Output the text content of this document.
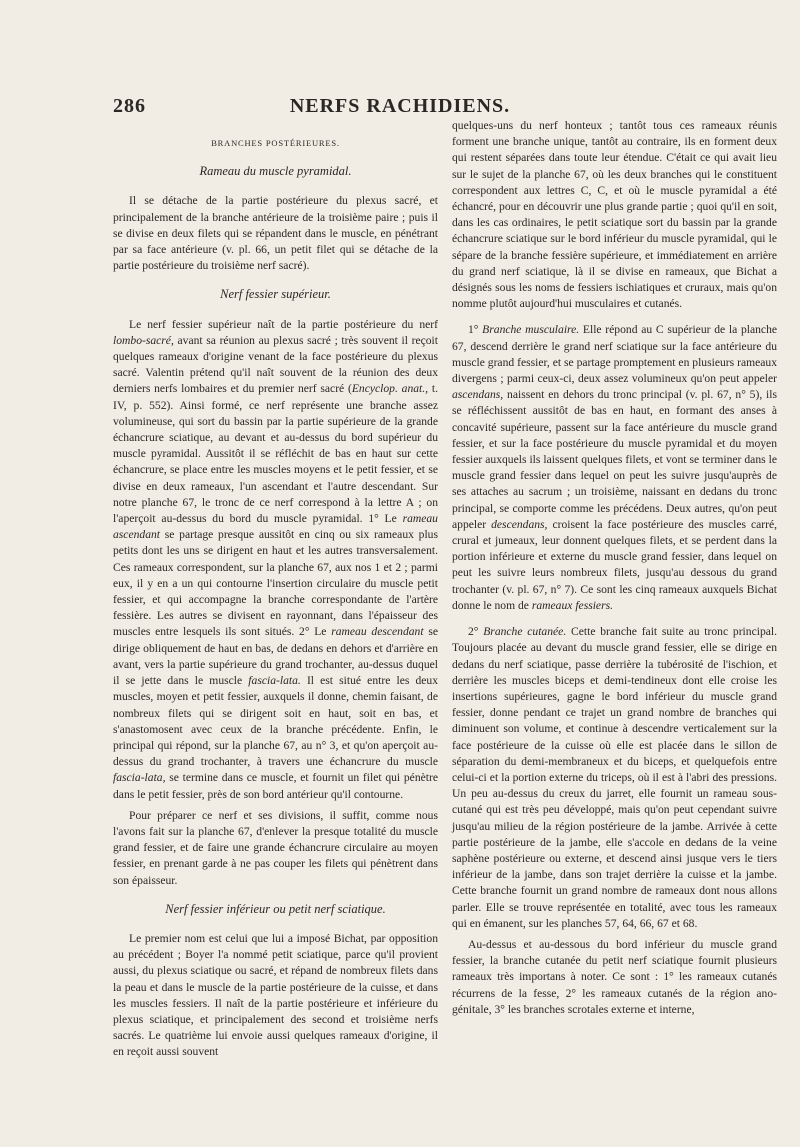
286	NERFS RACHIDIENS.
BRANCHES POSTÉRIEURES.
Rameau du muscle pyramidal.

Il se détache de la partie postérieure du plexus sacré, et principalement de la branche antérieure de la troisième paire ; puis il se divise en deux filets qui se répandent dans le muscle, en pénétrant par sa face antérieure (v. pl. 66, un petit filet qui se détache de la partie postérieure du troisième nerf sacré).

Nerf fessier supérieur.

Le nerf fessier supérieur naît de la partie postérieure du nerf lombo-sacré, avant sa réunion au plexus sacré ; très souvent il reçoit quelques rameaux d'origine venant de la face postérieure du plexus sacré. Valentin prétend qu'il naît souvent de la réunion des deux derniers nerfs lombaires et du premier nerf sacré (Encyclop. anat., t. IV, p. 552). Ainsi formé, ce nerf représente une branche assez volumineuse, qui sort du bassin par la partie supérieure de la grande échancrure sciatique, au devant et au-dessus du bord supérieur du muscle pyramidal. Aussitôt il se réfléchit de bas en haut sur cette échancrure, se place entre les muscles moyens et le petit fessier, et se divise en deux rameaux, l'un ascendant et l'autre descendant. Sur notre planche 67, le tronc de ce nerf correspond à la lettre A ; on l'aperçoit au-dessus du bord du muscle pyramidal. 1° Le rameau ascendant se partage presque aussitôt en cinq ou six rameaux plus petits dont les uns se dirigent en haut et les autres transversalement. Ces rameaux correspondent, sur la planche 67, aux nos 1 et 2 ; parmi eux, il y en a un qui contourne l'insertion circulaire du muscle petit fessier, et qui accompagne la branche correspondante de l'artère fessière. Les autres se divisent en rayonnant, dans l'épaisseur des muscles entre lesquels ils sont situés. 2° Le rameau descendant se dirige obliquement de haut en bas, de dedans en dehors et d'arrière en avant, vers la partie supérieure du grand trochanter, au-dessus duquel il se jette dans le muscle fascia-lata. Il est situé entre les deux muscles, moyen et petit fessier, auxquels il donne, chemin faisant, de nombreux filets qui se dirigent soit en haut, soit en bas, et s'anastomosent avec ceux de la branche précédente. Enfin, le principal qui répond, sur la planche 67, au n° 3, et qu'on aperçoit au-dessus du grand trochanter, à travers une échancrure du muscle fascia-lata, se termine dans ce muscle, et fournit un filet qui pénètre dans le petit fessier, près de son bord antérieur qu'il contourne.

Pour préparer ce nerf et ses divisions, il suffit, comme nous l'avons fait sur la planche 67, d'enlever la presque totalité du muscle grand fessier, et de faire une grande échancrure circulaire au moyen fessier, en prenant garde à ne pas couper les filets qui pénètrent dans son épaisseur.

Nerf fessier inférieur ou petit nerf sciatique.

Le premier nom est celui que lui a imposé Bichat, par opposition au précédent ; Boyer l'a nommé petit sciatique, parce qu'il provient aussi, du plexus sciatique ou sacré, et répand de nombreux filets dans la peau et dans le muscle de la partie postérieure de la cuisse, et dans les muscles fessiers. Il naît de la partie postérieure et inférieure du plexus sciatique, et principalement des second et troisième nerfs sacrés. Le quatrième lui envoie aussi quelques rameaux d'origine, il en reçoit aussi souvent

quelques-uns du nerf honteux ; tantôt tous ces rameaux réunis forment une branche unique, tantôt au contraire, ils en forment deux qui restent séparées dans toute leur étendue. C'était ce qui avait lieu sur le sujet de la planche 67, où les deux branches qui le constituent correspondent aux lettres C, C, et où le muscle pyramidal a été échancré, pour en découvrir une plus grande partie ; quoi qu'il en soit, dans les cas ordinaires, le petit sciatique sort du bassin par la grande échancrure sciatique sur le bord inférieur du muscle pyramidal, qui le sépare de la branche fessière supérieure, et immédiatement en arrière du grand nerf sciatique, là il se divise en rameaux, que Bichat a désignés sous les noms de fessiers ischiatiques et cruraux, mais qu'on nomme plutôt aujourd'hui musculaires et cutanés.

1° Branche musculaire. Elle répond au C supérieur de la planche 67, descend derrière le grand nerf sciatique sur la face antérieure du muscle grand fessier, et se partage promptement en plusieurs rameaux divergens ; parmi ceux-ci, deux assez volumineux qu'on peut appeler ascendans, naissent en dehors du tronc principal (v. pl. 67, n° 5), ils se réfléchissent aussitôt de bas en haut, en formant des anses à concavité supérieure, passent sur la face antérieure du muscle grand fessier, et sur la face postérieure du muscle pyramidal et du moyen fessier auxquels ils laissent quelques filets, et vont se terminer dans le muscle grand fessier dans lequel on peut les suivre jusqu'auprès de ses attaches au sacrum ; un troisième, naissant en dedans du tronc principal, se comporte comme les précédens. Deux autres, qu'on peut appeler descendans, croisent la face postérieure des muscles carré, crural et jumeaux, leur donnent quelques filets, et se perdent dans la portion inférieure et externe du muscle grand fessier, dans lequel on peut les suivre leurs nombreux filets, jusqu'au dessous du grand trochanter (v. pl. 67, n° 7). Ce sont les cinq rameaux auxquels Bichat donne le nom de rameaux fessiers.

2° Branche cutanée. Cette branche fait suite au tronc principal. Toujours placée au devant du muscle grand fessier, elle se dirige en dedans du nerf sciatique, passe derrière la tubérosité de l'ischion, et derrière les muscles biceps et demi-tendineux dont elle croise les insertions supérieures, gagne le bord inférieur du muscle grand fessier, donne pendant ce trajet un grand nombre de branches qui diminuent son volume, et continue à descendre verticalement sur la face postérieure de la cuisse où elle est placée dans le sillon de séparation du demi-membraneux et du biceps, et quelquefois entre celui-ci et la portion externe du triceps, où il est à l'abri des pressions. Un peu au-dessus du creux du jarret, elle fournit un rameau sous-cutané qui est très peu développé, mais qu'on peut cependant suivre jusqu'au milieu de la région postérieure de la jambe. Arrivée à cette partie postérieure de la jambe, elle s'accole en dedans de la veine saphène postérieure ou externe, et descend ainsi jusque vers le tiers inférieur de la jambe, dans son trajet derrière la cuisse et la jambe. Cette branche fournit un grand nombre de rameaux dont nous allons parler. Elle se trouve représentée en totalité, avec tous les rameaux qui en émanent, sur les planches 57, 64, 66, 67 et 68.

Au-dessus et au-dessous du bord inférieur du muscle grand fessier, la branche cutanée du petit nerf sciatique fournit plusieurs rameaux très importans à noter. Ce sont : 1° les rameaux cutanés récurrens de la fesse, 2° les rameaux cutanés de la région ano-génitale, 3° les branches scrotales externe et interne,
